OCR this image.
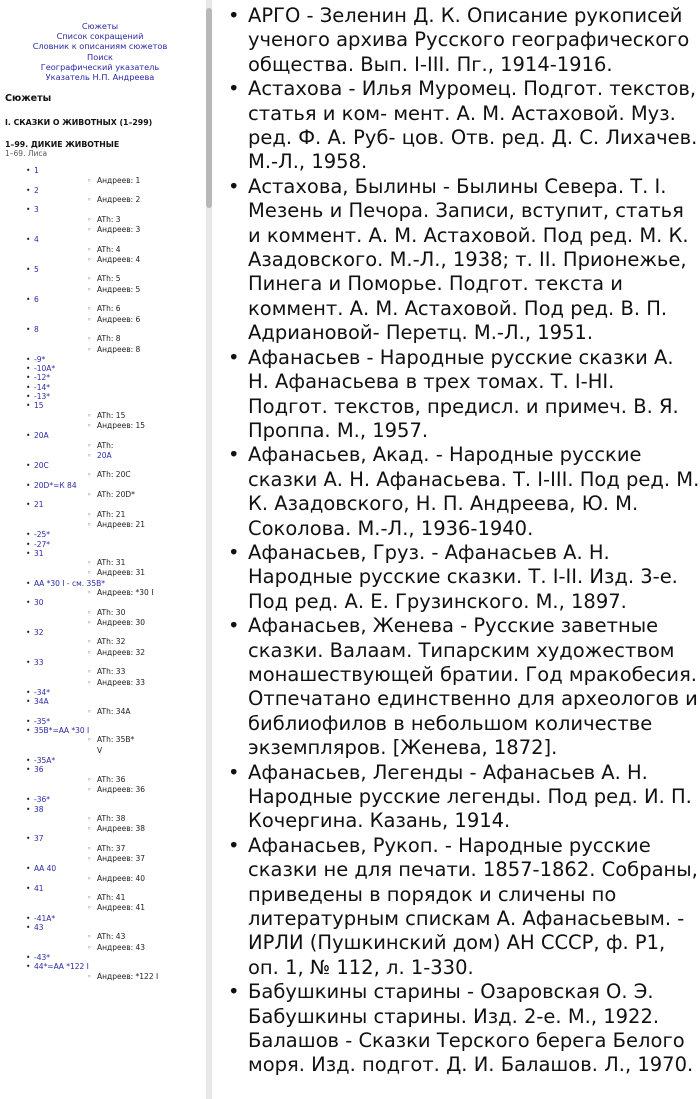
Сюжеты
Список сокращений
Словник к описаниям сюжетов
Поиск
Географический указатель
Указатель Н.П. Андреева
Сюжеты
I. СКАЗКИ О ЖИВОТНЫХ (1–299)
1–99. ДИКИЕ ЖИВОТНЫЕ
1–69. Лиса
• 1
◦ Андреев: 1
• 2
◦ Андреев: 2
• 3
◦ ATh: 3
◦ Андреев: 3
• 4
◦ ATh: 4
◦ Андреев: 4
• 5
◦ ATh: 5
◦ Андреев: 5
• 6
◦ ATh: 6
◦ Андреев: 6
• 8
◦ ATh: 8
◦ Андреев: 8
• -9*
• -10А*
• -12*
• -14*
• -13*
• 15
◦ ATh: 15
◦ Андреев: 15
• 20А
◦ ATh:
◦ 20А
• 20С
◦ ATh: 20С
• 20D*=К 84
◦ ATh: 20D*
• 21
◦ ATh: 21
◦ Андреев: 21
• -25*
• -27*
• 31
◦ ATh: 31
◦ Андреев: 31
• АА *30 I - см. 35В*
◦ Андреев: *30 I
• 30
◦ ATh: 30
◦ Андреев: 30
• 32
◦ ATh: 32
◦ Андреев: 32
• 33
◦ ATh: 33
◦ Андреев: 33
• -34*
• 34А
◦ ATh: 34А
• -35*
• 35В*=АА *30 I
◦ ATh: 35В*
V
• -35А*
• 36
◦ ATh: 36
◦ Андреев: 36
• -36*
• 38
◦ ATh: 38
◦ Андреев: 38
• 37
◦ ATh: 37
◦ Андреев: 37
• АА 40
◦ Андреев: 40
• 41
◦ ATh: 41
◦ Андреев: 41
• -41А*
• 43
◦ ATh: 43
◦ Андреев: 43
• -43*
• 44*=АА *122 I
◦ Андреев: *122 I
• АРГО - Зеленин Д. К. Описание рукописей ученого архива Русского географического общества. Вып. I-III. Пг., 1914-1916.
• Астахова - Илья Муромец. Подгот. текстов, статья и ком- мент. А. М. Астаховой. Муз. ред. Ф. А. Руб- цов. Отв. ред. Д. С. Лихачев. М.-Л., 1958.
• Астахова, Былины - Былины Севера. Т. I. Мезень и Печора. Записи, вступит, статья и коммент. А. М. Астаховой. Под ред. М. К. Азадовского. М.-Л., 1938; т. II. Прионежье, Пинега и Поморье. Подгот. текста и коммент. А. М. Астаховой. Под ред. В. П. Адриановой- Перетц. М.-Л., 1951.
• Афанасьев - Народные русские сказки А. Н. Афанасьева в трех томах. Т. I-HI. Подгот. текстов, предисл. и примеч. В. Я. Проппа. М., 1957.
• Афанасьев, Акад. - Народные русские сказки А. Н. Афанасьева. Т. I-III. Под ред. М. К. Азадовского, Н. П. Андреева, Ю. М. Соколова. М.-Л., 1936-1940.
• Афанасьев, Груз. - Афанасьев А. Н. Народные русские сказки. Т. I-II. Изд. 3-е. Под ред. А. Е. Грузинского. М., 1897.
• Афанасьев, Женева - Русские заветные сказки. Валаам. Типарским художеством монашествующей братии. Год мракобесия. Отпечатано единственно для археологов и библиофилов в небольшом количестве экземпляров. [Женева, 1872].
• Афанасьев, Легенды - Афанасьев А. Н. Народные русские легенды. Под ред. И. П. Кочергина. Казань, 1914.
• Афанасьев, Рукоп. - Народные русские сказки не для печати. 1857-1862. Собраны, приведены в порядок и сличены по литературным спискам А. Афанасьевым. - ИРЛИ (Пушкинский дом) АН СССР, ф. Р1, оп. 1, № 112, л. 1-330.
• Бабушкины старины - Озаровская О. Э. Бабушкины старины. Изд. 2-е. М., 1922.
Балашов - Сказки Терского берега Белого моря. Изд. подгот. Д. И. Балашов. Л., 1970.
